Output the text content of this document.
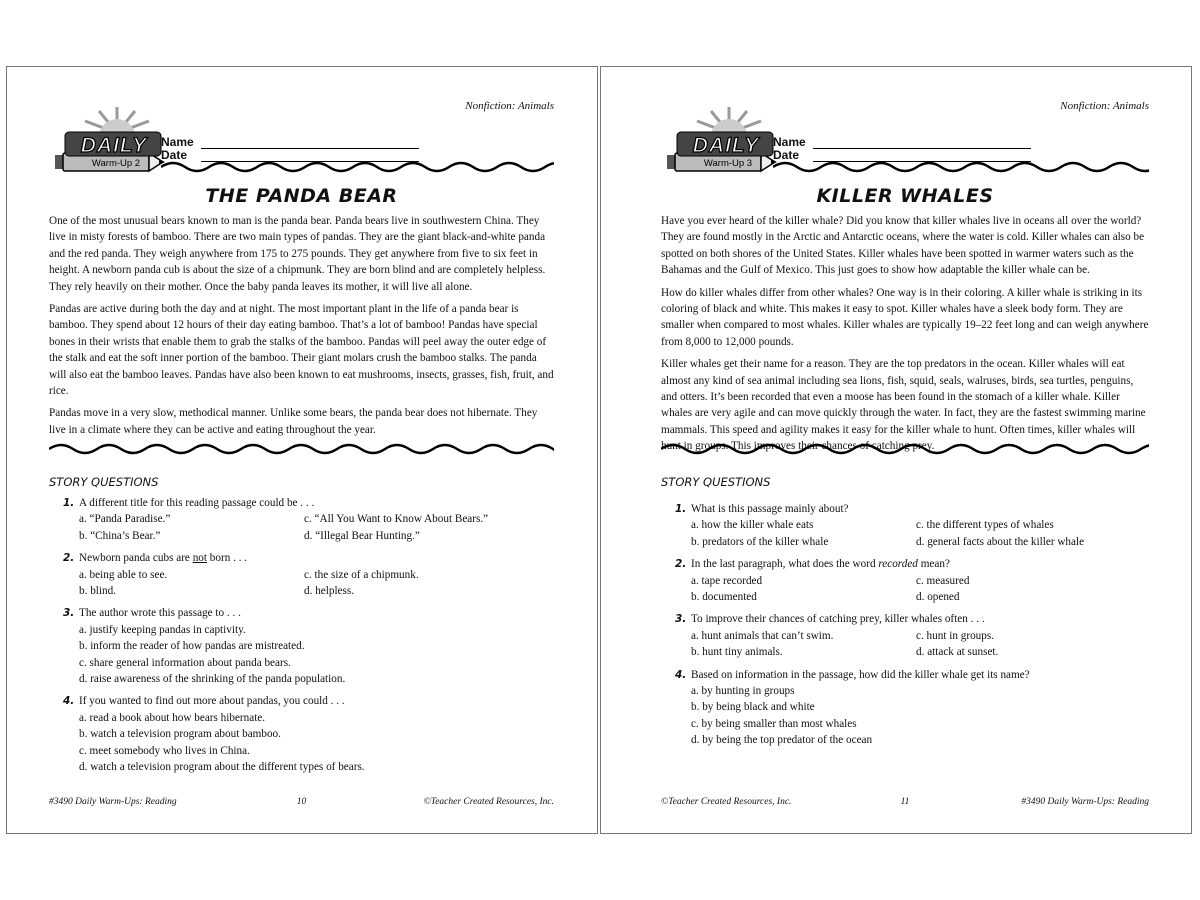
Nonfiction: Animals
DAILY
Warm-Up 2
Name
Date
THE PANDA BEAR

One of the most unusual bears known to man is the panda bear. Panda bears live in southwestern China. They live in misty forests of bamboo. There are two main types of pandas. They are the giant black-and-white panda and the red panda. They weigh anywhere from 175 to 275 pounds. They get anywhere from five to six feet in height. A newborn panda cub is about the size of a chipmunk. They are born blind and are completely helpless. They rely heavily on their mother. Once the baby panda leaves its mother, it will live all alone.

Pandas are active during both the day and at night. The most important plant in the life of a panda bear is bamboo. They spend about 12 hours of their day eating bamboo. That’s a lot of bamboo! Pandas have special bones in their wrists that enable them to grab the stalks of the bamboo. Pandas will peel away the outer edge of the stalk and eat the soft inner portion of the bamboo. Their giant molars crush the bamboo stalks. The panda will also eat the bamboo leaves. Pandas have also been known to eat mushrooms, insects, grasses, fish, fruit, and rice.

Pandas move in a very slow, methodical manner. Unlike some bears, the panda bear does not hibernate. They live in a climate where they can be active and eating throughout the year.

STORY QUESTIONS
1. A different title for this reading passage could be . . .
a. “Panda Paradise.”	c. “All You Want to Know About Bears.”
b. “China’s Bear.”	d. “Illegal Bear Hunting.”
2. Newborn panda cubs are not born . . .
a. being able to see.	c. the size of a chipmunk.
b. blind.	d. helpless.
3. The author wrote this passage to . . .
a. justify keeping pandas in captivity.
b. inform the reader of how pandas are mistreated.
c. share general information about panda bears.
d. raise awareness of the shrinking of the panda population.
4. If you wanted to find out more about pandas, you could . . .
a. read a book about how bears hibernate.
b. watch a television program about bamboo.
c. meet somebody who lives in China.
d. watch a television program about the different types of bears.
#3490 Daily Warm-Ups: Reading	10	©Teacher Created Resources, Inc.
Nonfiction: Animals
DAILY
Warm-Up 3
Name
Date
KILLER WHALES

Have you ever heard of the killer whale? Did you know that killer whales live in oceans all over the world? They are found mostly in the Arctic and Antarctic oceans, where the water is cold. Killer whales can also be spotted on both shores of the United States. Killer whales have been spotted in warmer waters such as the Bahamas and the Gulf of Mexico. This just goes to show how adaptable the killer whale can be.

How do killer whales differ from other whales? One way is in their coloring. A killer whale is striking in its coloring of black and white. This makes it easy to spot. Killer whales have a sleek body form. They are smaller when compared to most whales. Killer whales are typically 19–22 feet long and can weigh anywhere from 8,000 to 12,000 pounds.

Killer whales get their name for a reason. They are the top predators in the ocean. Killer whales will eat almost any kind of sea animal including sea lions, fish, squid, seals, walruses, birds, sea turtles, penguins, and otters. It’s been recorded that even a moose has been found in the stomach of a killer whale. Killer whales are very agile and can move quickly through the water. In fact, they are the fastest swimming marine mammals. This speed and agility makes it easy for the killer whale to hunt. Often times, killer whales will hunt in groups. This improves their chances of catching prey.

STORY QUESTIONS
1. What is this passage mainly about?
a. how the killer whale eats	c. the different types of whales
b. predators of the killer whale	d. general facts about the killer whale
2. In the last paragraph, what does the word recorded mean?
a. tape recorded	c. measured
b. documented	d. opened
3. To improve their chances of catching prey, killer whales often . . .
a. hunt animals that can’t swim.	c. hunt in groups.
b. hunt tiny animals.	d. attack at sunset.
4. Based on information in the passage, how did the killer whale get its name?
a. by hunting in groups
b. by being black and white
c. by being smaller than most whales
d. by being the top predator of the ocean
©Teacher Created Resources, Inc.	11	#3490 Daily Warm-Ups: Reading
